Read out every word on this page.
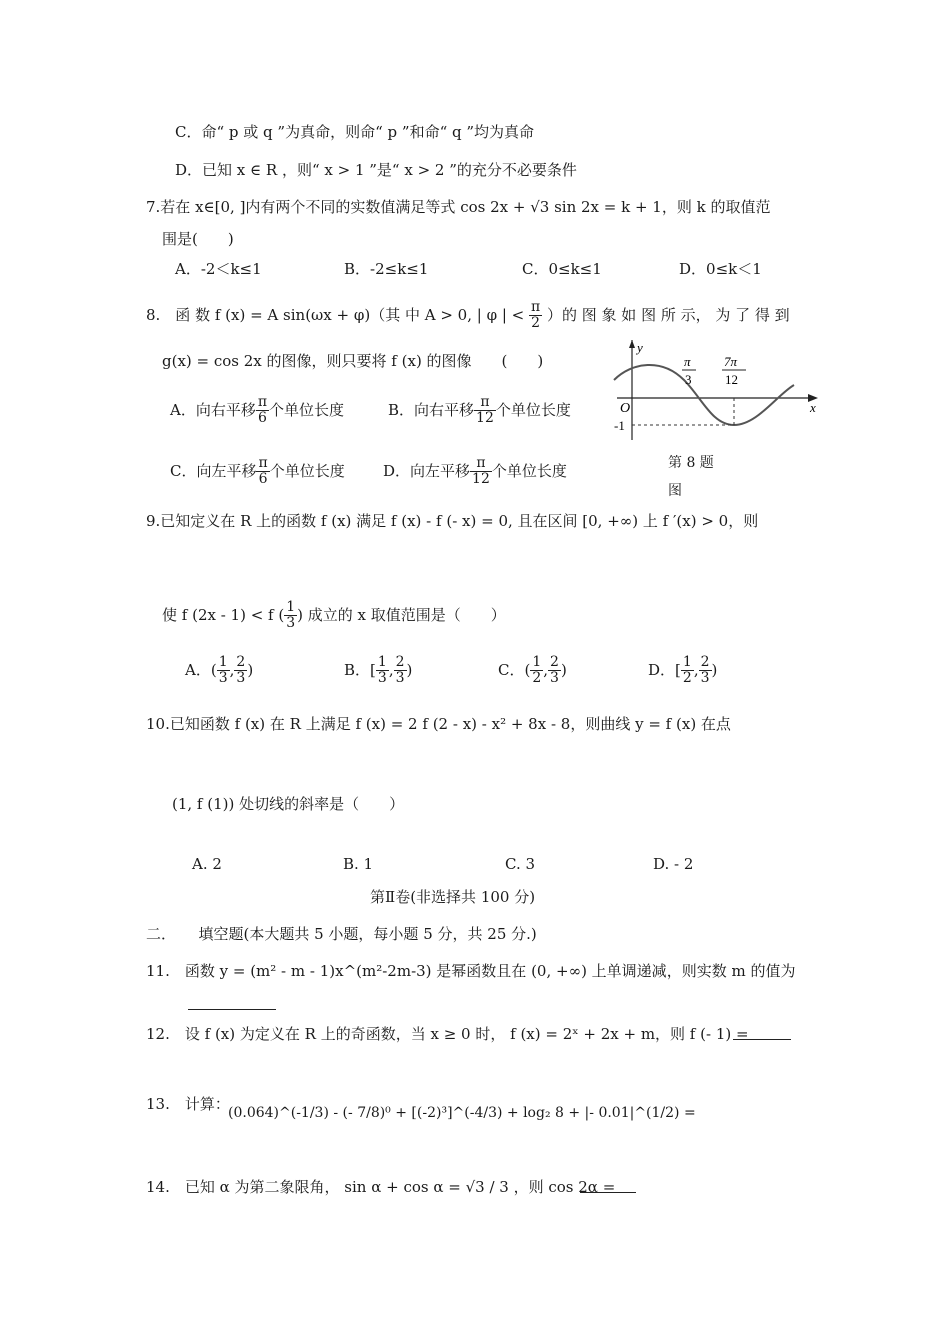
C．命“ p 或 q ”为真命，则命“ p ”和命“ q ”均为真命
D．已知 x ∈ R ，则“ x > 1 ”是“ x > 2 ”的充分不必要条件
7.若在 x∈[0, ]内有两个不同的实数值满足等式 cos 2x + √3 sin 2x = k + 1，则 k 的取值范
围是(　　)
A．-2＜k≤1	B．-2≤k≤1	C．0≤k≤1	D．0≤k＜1
8.　函 数 f (x) = A sin(ωx + φ)（其 中 A > 0, | φ | < $\frac{\pi}{2}$ ）的 图 象 如 图 所 示， 为 了 得 到
g(x) = cos 2x 的图像，则只要将 f (x) 的图像　　(　　)
A．向右平移 $\frac{\pi}{6}$ 个单位长度	B．向右平移 $\frac{\pi}{12}$ 个单位长度
C．向左平移 $\frac{\pi}{6}$ 个单位长度	D．向左平移 $\frac{\pi}{12}$ 个单位长度
y
x
O
-1
π
3
7π
12
第 8 题
图
9.已知定义在 R 上的函数 f (x) 满足 f (x) - f (- x) = 0, 且在区间 [0, +∞) 上 f ′(x) > 0，则
使 f (2x - 1) < f ( $\frac{1}{3}$ ) 成立的 x 取值范围是（　　）
A．( $\frac{1}{3}$ , $\frac{2}{3}$ )	B．[ $\frac{1}{3}$ , $\frac{2}{3}$ )	C．( $\frac{1}{2}$ , $\frac{2}{3}$ )	D．[ $\frac{1}{2}$ , $\frac{2}{3}$ )
10.已知函数 f (x) 在 R 上满足 f (x) = 2 f (2 - x) - x² + 8x - 8，则曲线 y = f (x) 在点
(1, f (1)) 处切线的斜率是（　　）
A. 2	B. 1	C. 3	D. - 2
第Ⅱ卷(非选择共 100 分)
二．　　填空题(本大题共 5 小题，每小题 5 分，共 25 分.)
11.　函数 y = (m² - m - 1)x^(m²-2m-3) 是幂函数且在 (0, +∞) 上单调递减，则实数 m 的值为
12.　设 f (x) 为定义在 R 上的奇函数，当 x ≥ 0 时， f (x) = 2ˣ + 2x + m，则 f (- 1) =
13.　计算：
(0.064)^(-1/3) - (- 7/8)⁰ + [(-2)³]^(-4/3) + log₂ 8 + |- 0.01|^(1/2) =
14.　已知 α 为第二象限角， sin α + cos α = √3 / 3 ，则 cos 2α =
